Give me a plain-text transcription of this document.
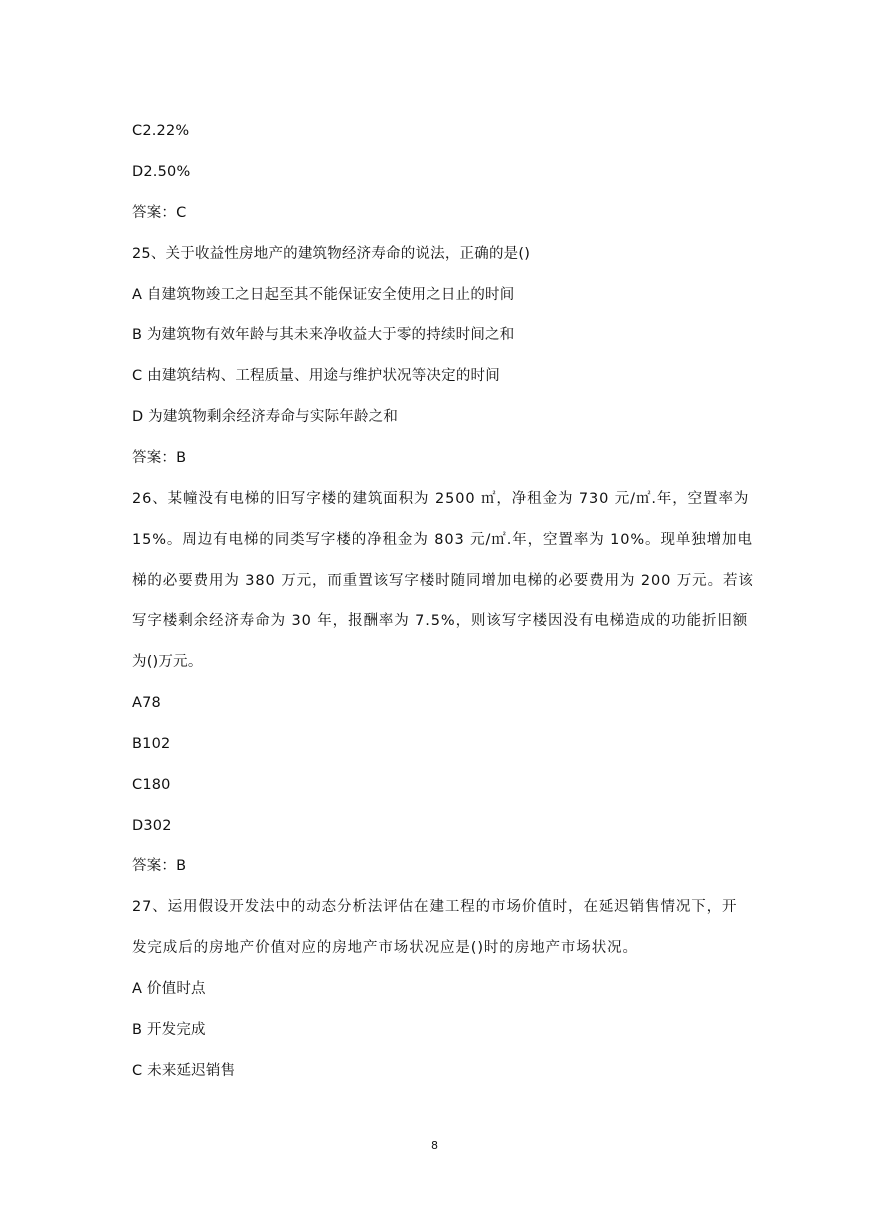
C2.22%
D2.50%
答案：C
25、关于收益性房地产的建筑物经济寿命的说法，正确的是()
A 自建筑物竣工之日起至其不能保证安全使用之日止的时间
B 为建筑物有效年龄与其未来净收益大于零的持续时间之和
C 由建筑结构、工程质量、用途与维护状况等决定的时间
D 为建筑物剩余经济寿命与实际年龄之和
答案：B
26、某幢没有电梯的旧写字楼的建筑面积为 2500 ㎡，净租金为 730 元/㎡.年，空置率为
15%。周边有电梯的同类写字楼的净租金为 803 元/㎡.年，空置率为 10%。现单独增加电
梯的必要费用为 380 万元，而重置该写字楼时随同增加电梯的必要费用为 200 万元。若该
写字楼剩余经济寿命为 30 年，报酬率为 7.5%，则该写字楼因没有电梯造成的功能折旧额
为()万元。
A78
B102
C180
D302
答案：B
27、运用假设开发法中的动态分析法评估在建工程的市场价值时，在延迟销售情况下，开
发完成后的房地产价值对应的房地产市场状况应是()时的房地产市场状况。
A 价值时点
B 开发完成
C 未来延迟销售
8
